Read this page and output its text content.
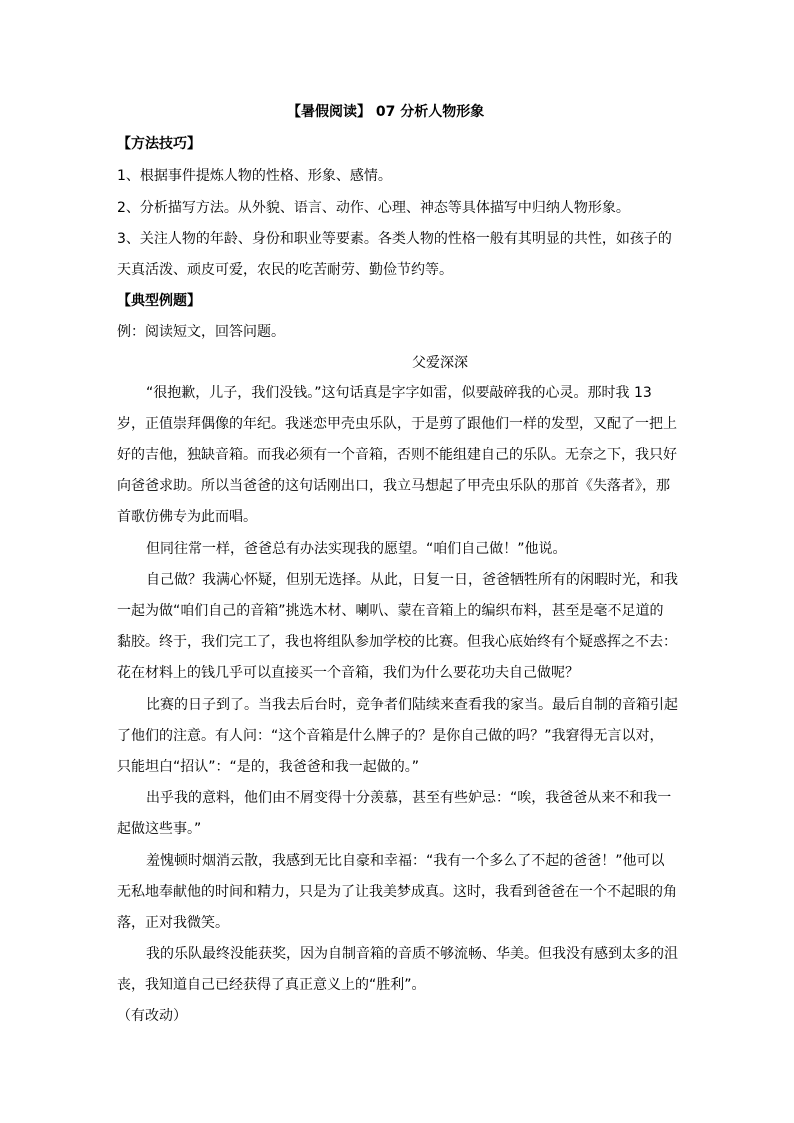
【暑假阅读】 07 分析人物形象
【方法技巧】
1、根据事件提炼人物的性格、形象、感情。
2、分析描写方法。从外貌、语言、动作、心理、神态等具体描写中归纳人物形象。
3、关注人物的年龄、身份和职业等要素。各类人物的性格一般有其明显的共性，如孩子的
天真活泼、顽皮可爱，农民的吃苦耐劳、勤俭节约等。
【典型例题】
例：阅读短文，回答问题。
父爱深深
“很抱歉，儿子，我们没钱。”这句话真是字字如雷，似要敲碎我的心灵。那时我 13
岁，正值崇拜偶像的年纪。我迷恋甲壳虫乐队，于是剪了跟他们一样的发型，又配了一把上
好的吉他，独缺音箱。而我必须有一个音箱，否则不能组建自己的乐队。无奈之下，我只好
向爸爸求助。所以当爸爸的这句话刚出口，我立马想起了甲壳虫乐队的那首《失落者》，那
首歌仿佛专为此而唱。
但同往常一样，爸爸总有办法实现我的愿望。“咱们自己做！”他说。
自己做？我满心怀疑，但别无选择。从此，日复一日，爸爸牺牲所有的闲暇时光，和我
一起为做“咱们自己的音箱”挑选木材、喇叭、蒙在音箱上的编织布料，甚至是毫不足道的
黏胶。终于，我们完工了，我也将组队参加学校的比赛。但我心底始终有个疑惑挥之不去：
花在材料上的钱几乎可以直接买一个音箱，我们为什么要花功夫自己做呢？
比赛的日子到了。当我去后台时，竞争者们陆续来查看我的家当。最后自制的音箱引起
了他们的注意。有人问：“这个音箱是什么牌子的？是你自己做的吗？”我窘得无言以对，
只能坦白“招认”：“是的，我爸爸和我一起做的。”
出乎我的意料，他们由不屑变得十分羡慕，甚至有些妒忌：“唉，我爸爸从来不和我一
起做这些事。”
羞愧顿时烟消云散，我感到无比自豪和幸福：“我有一个多么了不起的爸爸！”他可以
无私地奉献他的时间和精力，只是为了让我美梦成真。这时，我看到爸爸在一个不起眼的角
落，正对我微笑。
我的乐队最终没能获奖，因为自制音箱的音质不够流畅、华美。但我没有感到太多的沮
丧，我知道自己已经获得了真正意义上的“胜利”。
（有改动）
